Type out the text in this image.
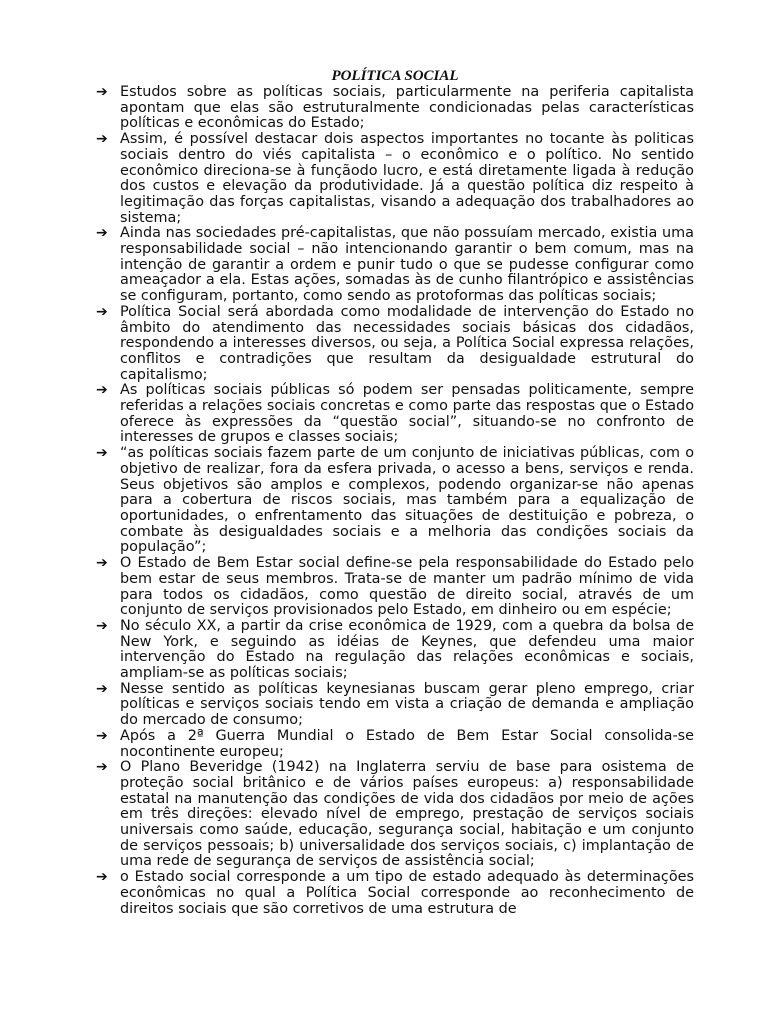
POLÍTICA SOCIAL
➔ Estudos sobre as políticas sociais, particularmente na periferia capitalista apontam que elas são estruturalmente condicionadas pelas características políticas e econômicas do Estado;
➔ Assim, é possível destacar dois aspectos importantes no tocante às politicas sociais dentro do viés capitalista – o econômico e o político. No sentido econômico direciona-se à funçãodo lucro, e está diretamente ligada à redução dos custos e elevação da produtividade. Já a questão política diz respeito à legitimação das forças capitalistas, visando a adequação dos trabalhadores ao sistema;
➔ Ainda nas sociedades pré-capitalistas, que não possuíam mercado, existia uma responsabilidade social – não intencionando garantir o bem comum, mas na intenção de garantir a ordem e punir tudo o que se pudesse configurar como ameaçador a ela. Estas ações, somadas às de cunho filantrópico e assistências se configuram, portanto, como sendo as protoformas das políticas sociais;
➔ Política Social será abordada como modalidade de intervenção do Estado no âmbito do atendimento das necessidades sociais básicas dos cidadãos, respondendo a interesses diversos, ou seja, a Política Social expressa relações, conflitos e contradições que resultam da desigualdade estrutural do capitalismo;
➔ As políticas sociais públicas só podem ser pensadas politicamente, sempre referidas a relações sociais concretas e como parte das respostas que o Estado oferece às expressões da “questão social”, situando-se no confronto de interesses de grupos e classes sociais;
➔ “as políticas sociais fazem parte de um conjunto de iniciativas públicas, com o objetivo de realizar, fora da esfera privada, o acesso a bens, serviços e renda. Seus objetivos são amplos e complexos, podendo organizar-se não apenas para a cobertura de riscos sociais, mas também para a equalização de oportunidades, o enfrentamento das situações de destituição e pobreza, o combate às desigualdades sociais e a melhoria das condições sociais da população”;
➔ O Estado de Bem Estar social define-se pela responsabilidade do Estado pelo bem estar de seus membros. Trata-se de manter um padrão mínimo de vida para todos os cidadãos, como questão de direito social, através de um conjunto de serviços provisionados pelo Estado, em dinheiro ou em espécie;
➔ No século XX, a partir da crise econômica de 1929, com a quebra da bolsa de New York, e seguindo as idéias de Keynes, que defendeu uma maior intervenção do Estado na regulação das relações econômicas e sociais, ampliam-se as políticas sociais;
➔ Nesse sentido as políticas keynesianas buscam gerar pleno emprego, criar políticas e serviços sociais tendo em vista a criação de demanda e ampliação do mercado de consumo;
➔ Após a 2ª Guerra Mundial o Estado de Bem Estar Social consolida-se nocontinente europeu;
➔ O Plano Beveridge (1942) na Inglaterra serviu de base para osistema de proteção social britânico e de vários países europeus: a) responsabilidade estatal na manutenção das condições de vida dos cidadãos por meio de ações em três direções: elevado nível de emprego, prestação de serviços sociais universais como saúde, educação, segurança social, habitação e um conjunto de serviços pessoais; b) universalidade dos serviços sociais, c) implantação de uma rede de segurança de serviços de assistência social;
➔ o Estado social corresponde a um tipo de estado adequado às determinações econômicas no qual a Política Social corresponde ao reconhecimento de direitos sociais que são corretivos de uma estrutura de
